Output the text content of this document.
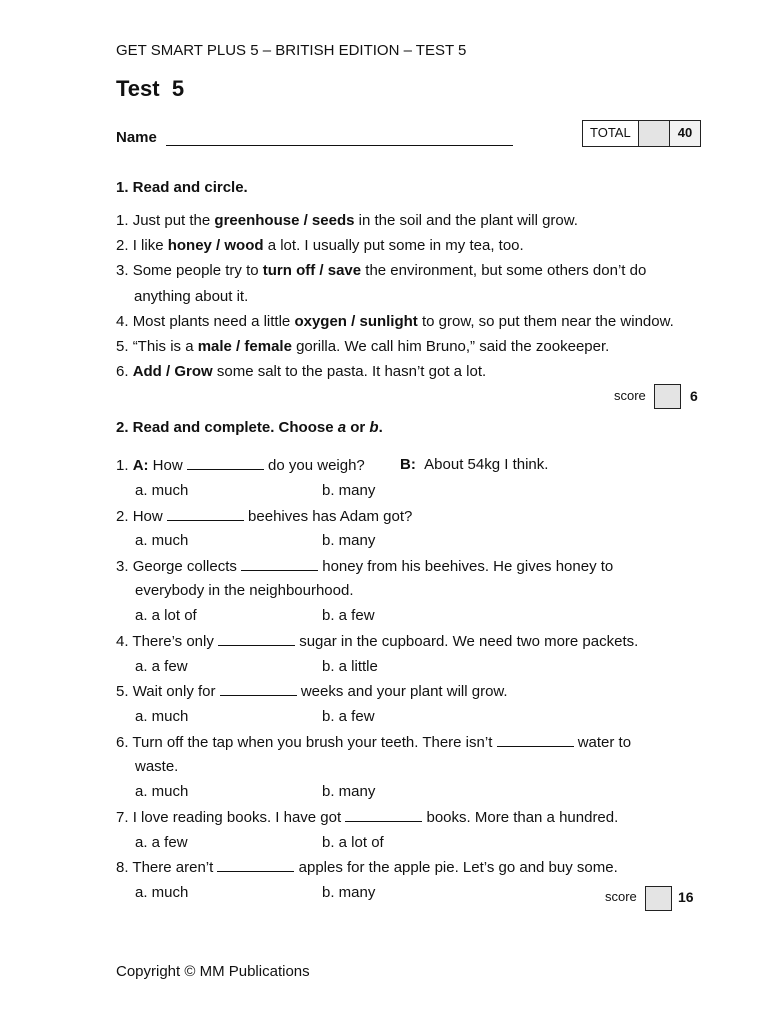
GET SMART PLUS 5 – BRITISH EDITION – TEST 5
Test  5
Name	TOTAL	40
1. Read and circle.
1. Just put the greenhouse / seeds in the soil and the plant will grow.
2. I like honey / wood a lot. I usually put some in my tea, too.
3. Some people try to turn off / save the environment, but some others don’t do
anything about it.
4. Most plants need a little oxygen / sunlight to grow, so put them near the window.
5. “This is a male / female gorilla. We call him Bruno,” said the zookeeper.
6. Add / Grow some salt to the pasta. It hasn’t got a lot.
score	6
2. Read and complete. Choose a or b.
1. A: How	do you weigh? B: About 54kg I think.
a. much	b. many
2. How	beehives has Adam got?
a. much	b. many
3. George collects	honey from his beehives. He gives honey to
everybody in the neighbourhood.
a. a lot of	b. a few
4. There’s only	sugar in the cupboard. We need two more packets.
a. a few	b. a little
5. Wait only for	weeks and your plant will grow.
a. much	b. a few
6. Turn off the tap when you brush your teeth. There isn’t	water to
waste.
a. much	b. many
7. I love reading books. I have got	books. More than a hundred.
a. a few	b. a lot of
8. There aren’t	apples for the apple pie. Let’s go and buy some.
a. much	b. many	score	16
Copyright © MM Publications
